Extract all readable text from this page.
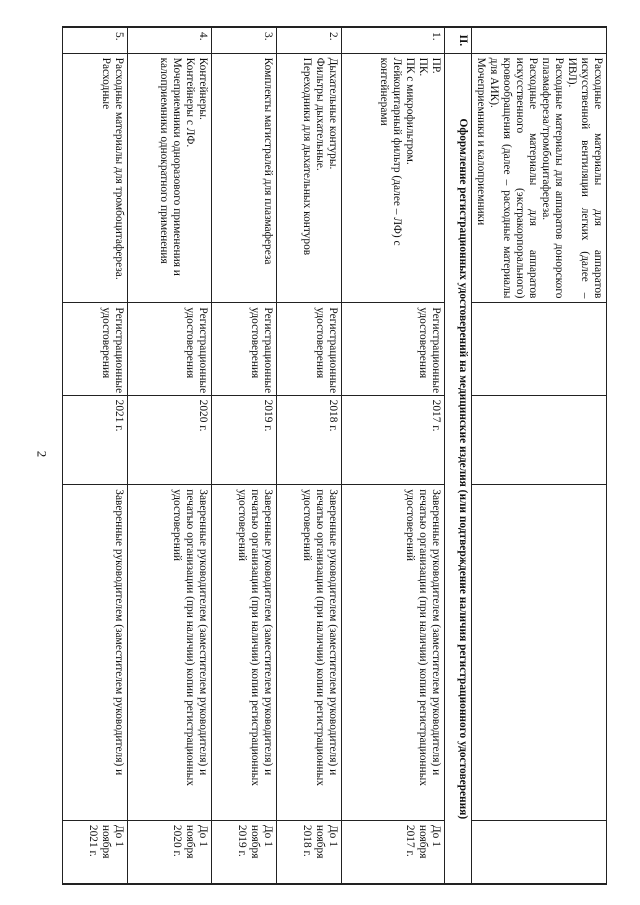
2

	Расходные материалы для аппаратов искусственной вентиляции легких (далее – ИВЛ).
Расходные материалы для аппаратов донорского плазмафереза/тромбоцитафереза.
Расходные материалы для аппаратов искусственного (экстракорпорального) кровообращения (далее – расходные материалы для АИК).
Мочеприемники и калоприемники				

II.	Оформление регистрационных удостоверений на медицинские изделия (или подтверждение наличия регистрационного удостоверения)				
1.	ПР.
ПК.
ПК с микрофильтром.
Лейкоцитарный фильтр (далее – ЛФ) с контейнерами	Регистрационные удостоверения	2017 г.	Заверенные руководителем (заместителем руководителя) и печатью организации (при наличии) копии регистрационных удостоверений	До 1 ноября 2017 г.
2.	Дыхательные контуры.
Фильтры дыхательные.
Переходники для дыхательных контуров	Регистрационные удостоверения	2018 г.	Заверенные руководителем (заместителем руководителя) и печатью организации (при наличии) копии регистрационных удостоверений	До 1 ноября 2018 г.
3.	Комплекты магистралей для плазмафереза	Регистрационные удостоверения	2019 г.	Заверенные руководителем (заместителем руководителя) и печатью организации (при наличии) копии регистрационных удостоверений	До 1 ноября 2019 г.
4.	Контейнеры.
Контейнеры с ЛФ.
Мочеприемники одноразового применения и калоприемники однократного применения	Регистрационные удостоверения	2020 г.	Заверенные руководителем (заместителем руководителя) и печатью организации (при наличии) копии регистрационных удостоверений	До 1 ноября 2020 г.
5.	Расходные материалы для тромбоцитафереза. Расходные	Регистрационные удостоверения	2021 г.	Заверенные руководителем (заместителем руководителя) и	До 1 ноября 2021 г.
